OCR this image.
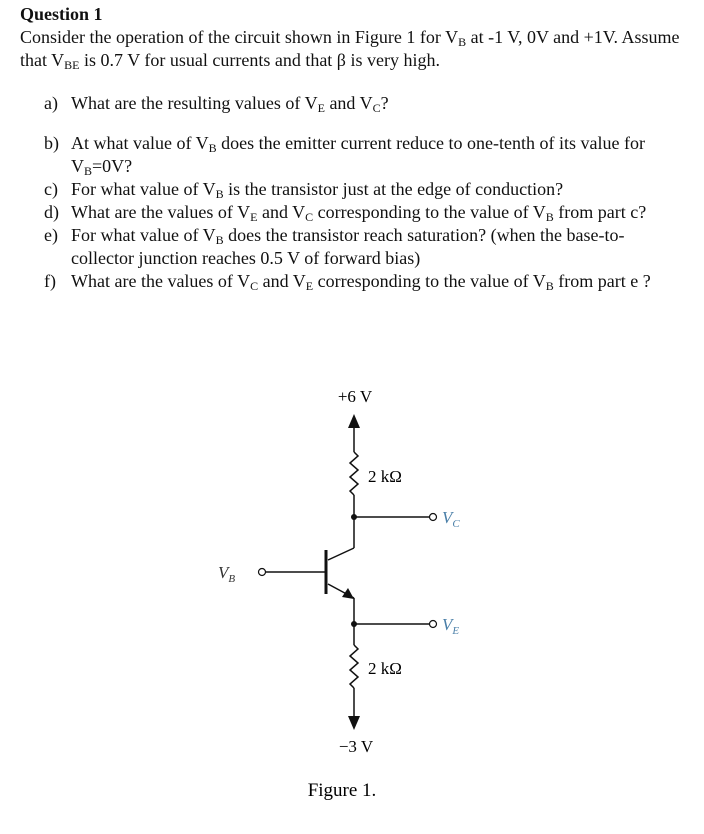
Question 1

Consider the operation of the circuit shown in Figure 1 for $V_B$ at -1 V, 0V and +1V. Assume that $V_{BE}$ is 0.7 V for usual currents and that β is very high.

a) What are the resulting values of $V_E$ and $V_C$?
b) At what value of $V_B$ does the emitter current reduce to one-tenth of its value for $V_B=0V$?
c) For what value of $V_B$ is the transistor just at the edge of conduction?
d) What are the values of $V_E$ and $V_C$ corresponding to the value of $V_B$ from part c?
e) For what value of $V_B$ does the transistor reach saturation? (when the base-to-collector junction reaches 0.5 V of forward bias)
f) What are the values of $V_C$ and $V_E$ corresponding to the value of $V_B$ from part e ?
+6 V
2 kΩ
$V_C$
$V_B$
$V_E$
2 kΩ
−3 V
Figure 1.
